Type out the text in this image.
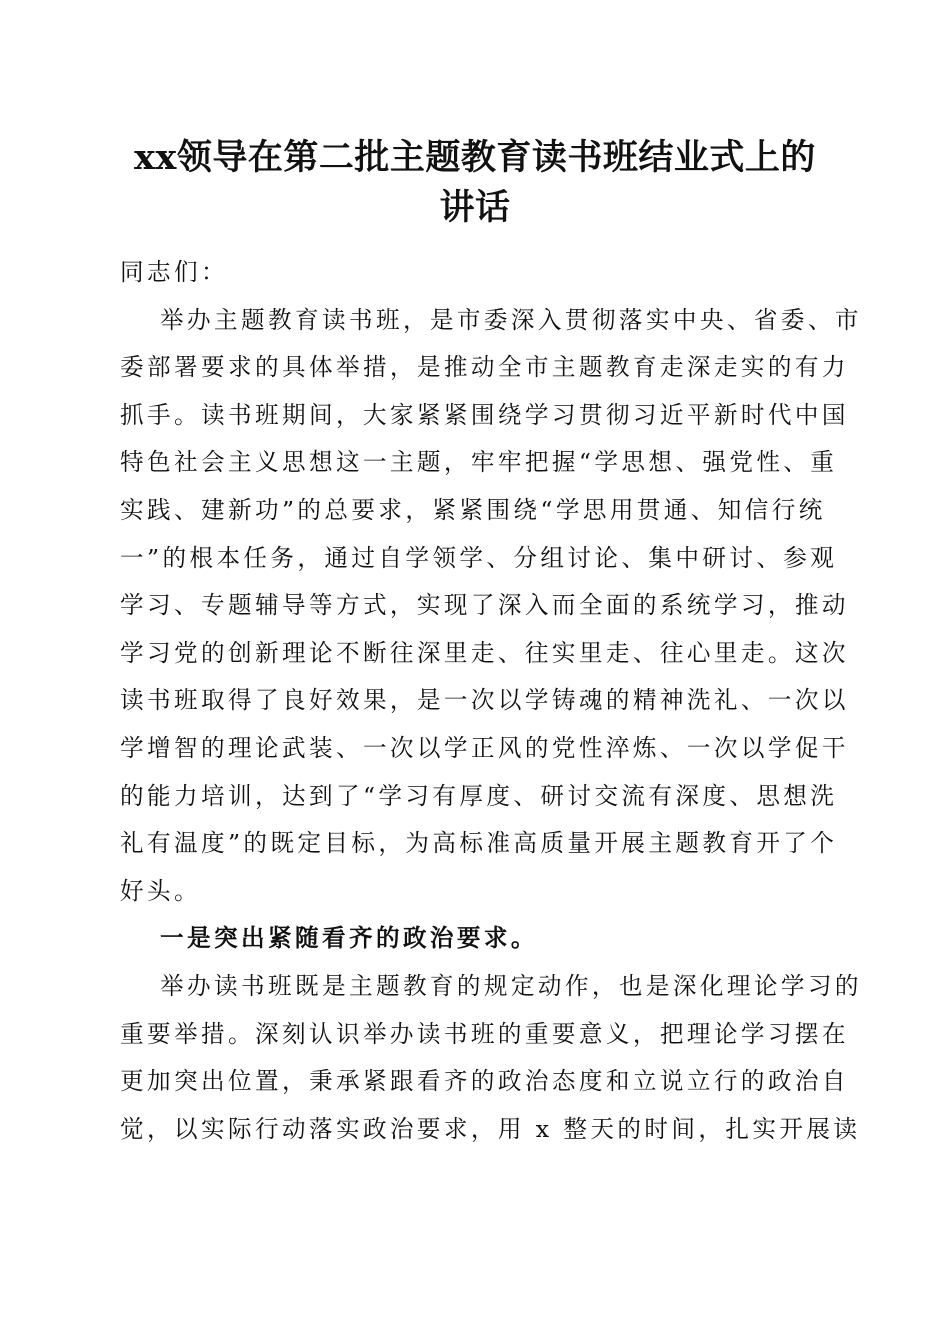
xx领导在第二批主题教育读书班结业式上的
讲话
同志们：
举办主题教育读书班，是市委深入贯彻落实中央、省委、市
委部署要求的具体举措，是推动全市主题教育走深走实的有力
抓手。读书班期间，大家紧紧围绕学习贯彻习近平新时代中国
特色社会主义思想这一主题，牢牢把握“学思想、强党性、重
实践、建新功”的总要求，紧紧围绕“学思用贯通、知信行统
一”的根本任务，通过自学领学、分组讨论、集中研讨、参观
学习、专题辅导等方式，实现了深入而全面的系统学习，推动
学习党的创新理论不断往深里走、往实里走、往心里走。这次
读书班取得了良好效果，是一次以学铸魂的精神洗礼、一次以
学增智的理论武装、一次以学正风的党性淬炼、一次以学促干
的能力培训，达到了“学习有厚度、研讨交流有深度、思想洗
礼有温度”的既定目标，为高标准高质量开展主题教育开了个
好头。
一是突出紧随看齐的政治要求。
举办读书班既是主题教育的规定动作，也是深化理论学习的
重要举措。深刻认识举办读书班的重要意义，把理论学习摆在
更加突出位置，秉承紧跟看齐的政治态度和立说立行的政治自
觉，以实际行动落实政治要求，用 x 整天的时间，扎实开展读
